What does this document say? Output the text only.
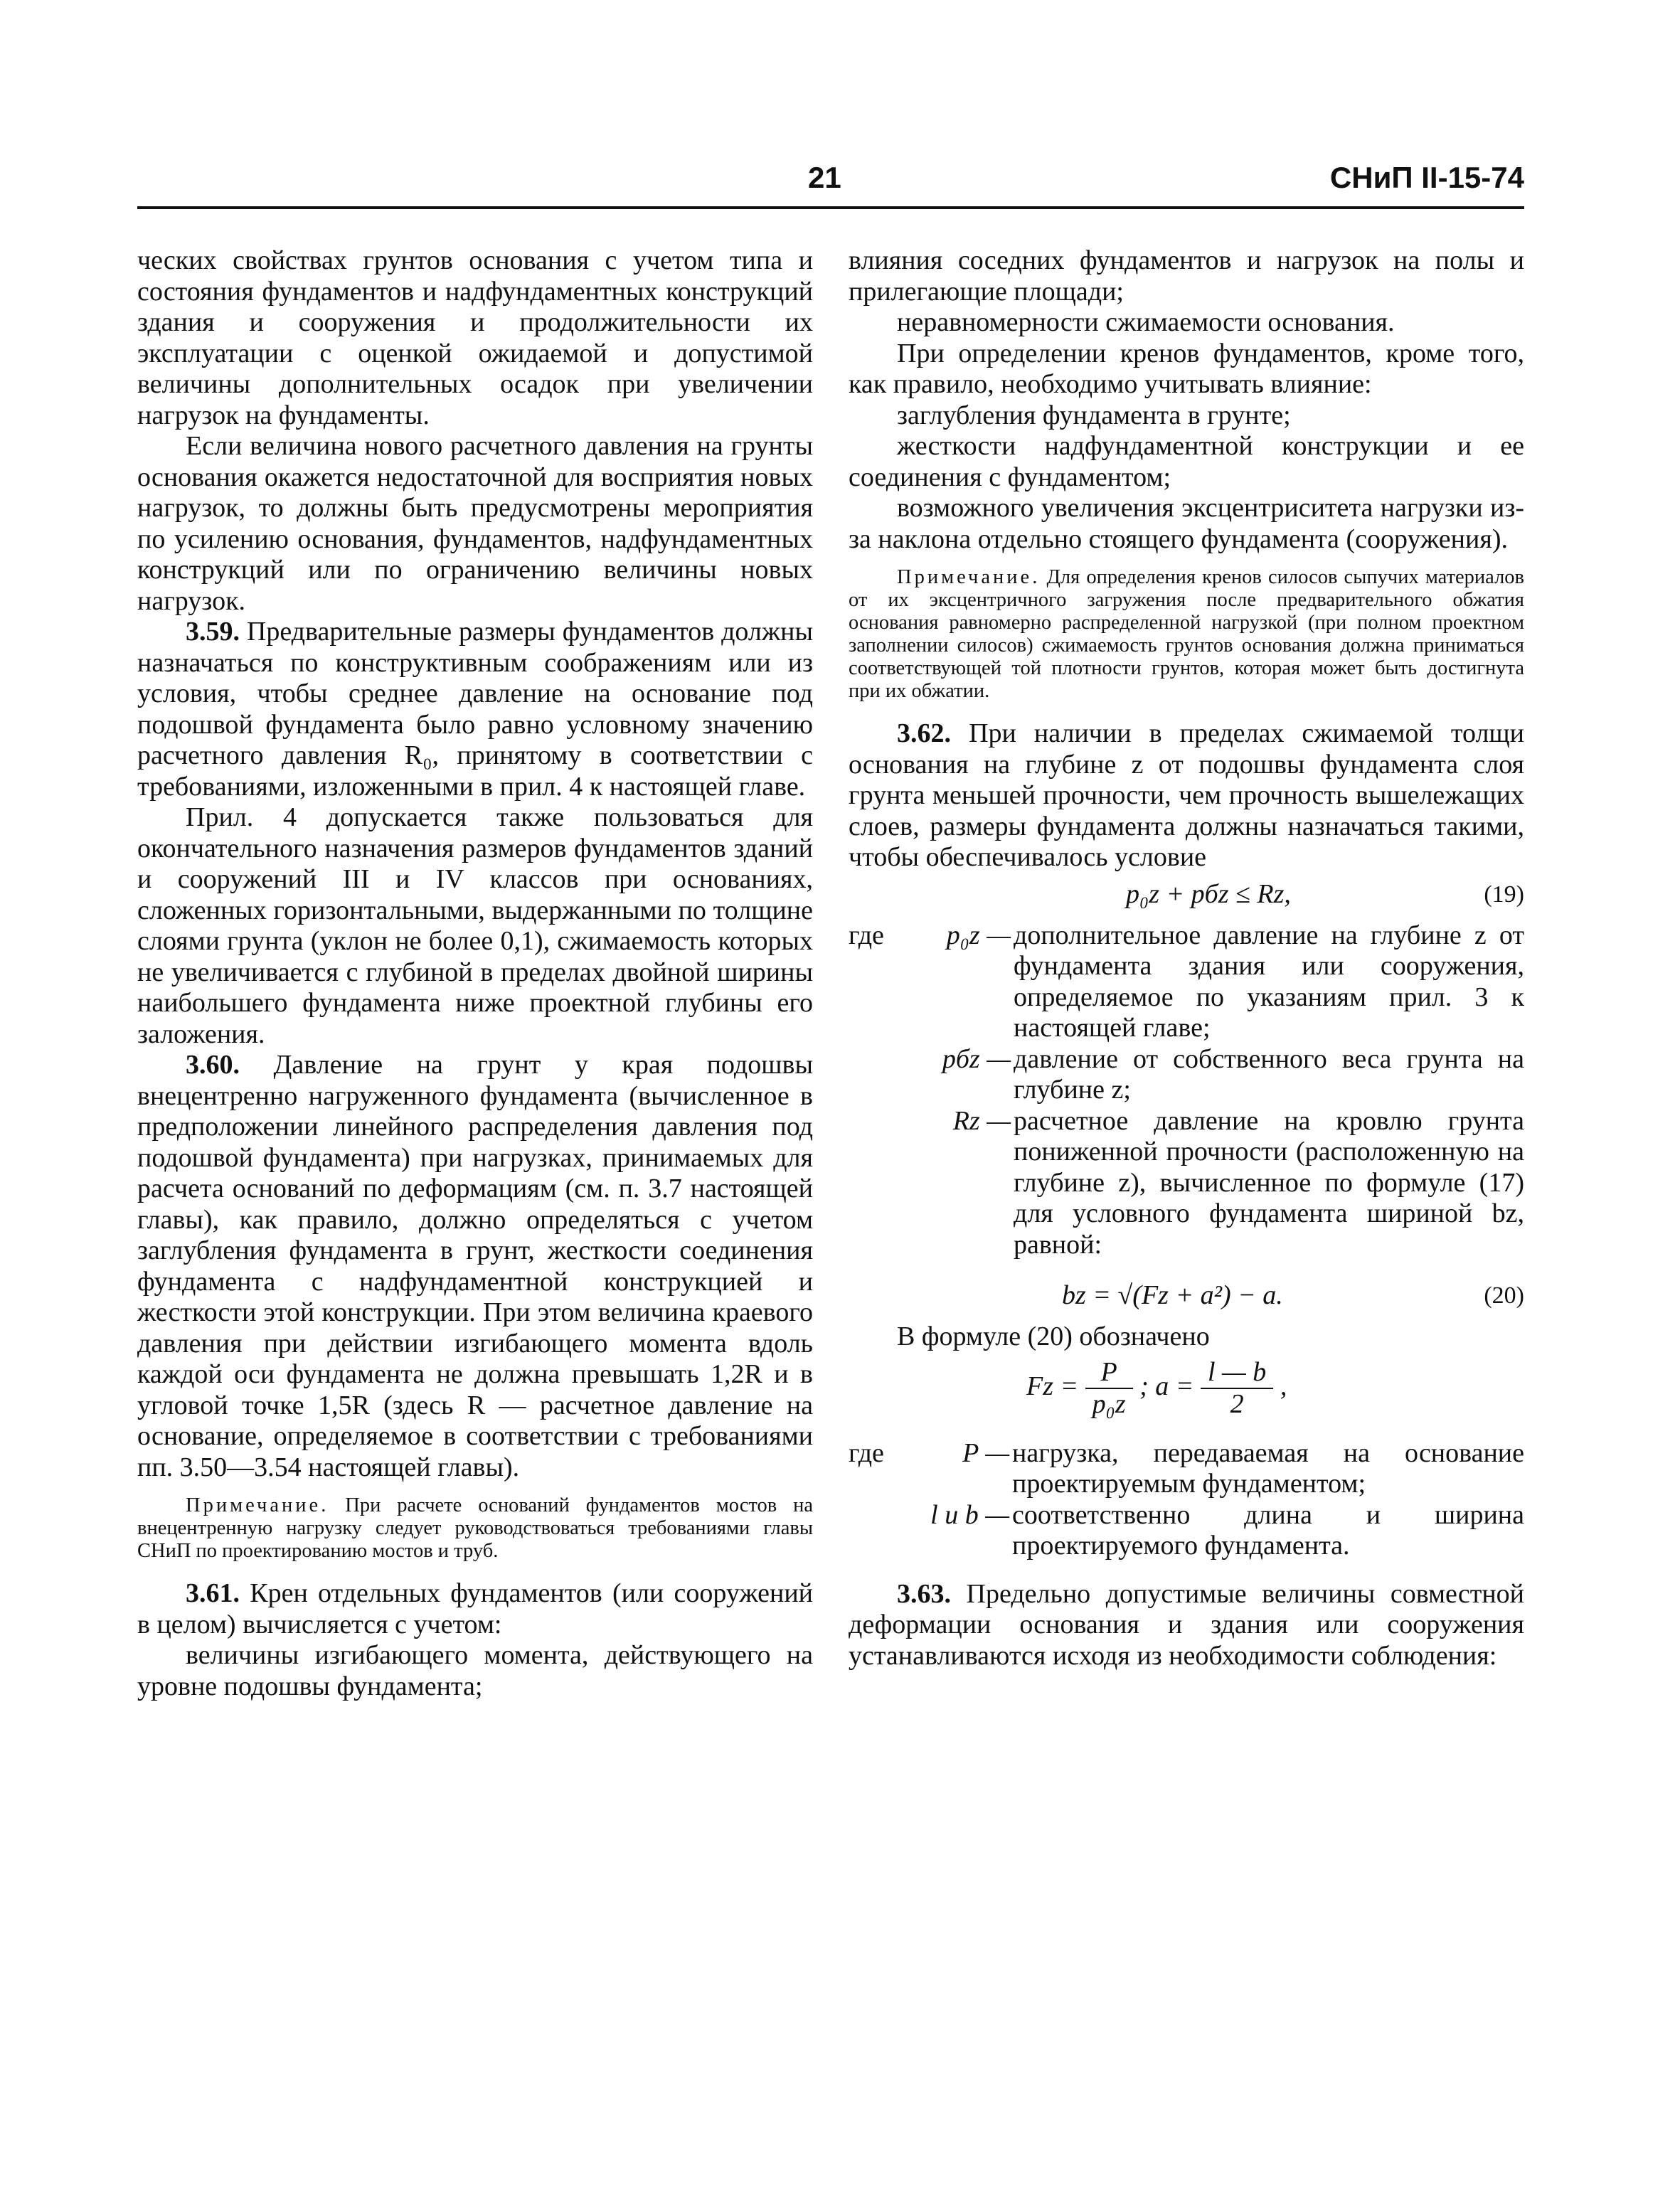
21	СНиП II-15-74

ческих свойствах грунтов основания с учетом типа и состояния фундаментов и надфундаментных конструкций здания и сооружения и продолжительности их эксплуатации с оценкой ожидаемой и допустимой величины дополнительных осадок при увеличении нагрузок на фундаменты.

Если величина нового расчетного давления на грунты основания окажется недостаточной для восприятия новых нагрузок, то должны быть предусмотрены мероприятия по усилению основания, фундаментов, надфундаментных конструкций или по ограничению величины новых нагрузок.

3.59. Предварительные размеры фундаментов должны назначаться по конструктивным соображениям или из условия, чтобы среднее давление на основание под подошвой фундамента было равно условному значению расчетного давления R₀, принятому в соответствии с требованиями, изложенными в прил. 4 к настоящей главе.

Прил. 4 допускается также пользоваться для окончательного назначения размеров фундаментов зданий и сооружений III и IV классов при основаниях, сложенных горизонтальными, выдержанными по толщине слоями грунта (уклон не более 0,1), сжимаемость которых не увеличивается с глубиной в пределах двойной ширины наибольшего фундамента ниже проектной глубины его заложения.

3.60. Давление на грунт у края подошвы внецентренно нагруженного фундамента (вычисленное в предположении линейного распределения давления под подошвой фундамента) при нагрузках, принимаемых для расчета оснований по деформациям (см. п. 3.7 настоящей главы), как правило, должно определяться с учетом заглубления фундамента в грунт, жесткости соединения фундамента с надфундаментной конструкцией и жесткости этой конструкции. При этом величина краевого давления при действии изгибающего момента вдоль каждой оси фундамента не должна превышать 1,2R и в угловой точке 1,5R (здесь R — расчетное давление на основание, определяемое в соответствии с требованиями пп. 3.50—3.54 настоящей главы).

Примечание. При расчете оснований фундаментов мостов на внецентренную нагрузку следует руководствоваться требованиями главы СНиП по проектированию мостов и труб.

3.61. Крен отдельных фундаментов (или сооружений в целом) вычисляется с учетом:

величины изгибающего момента, действующего на уровне подошвы фундамента;

влияния соседних фундаментов и нагрузок на полы и прилегающие площади;

неравномерности сжимаемости основания.

При определении кренов фундаментов, кроме того, как правило, необходимо учитывать влияние:

заглубления фундамента в грунте;

жесткости надфундаментной конструкции и ее соединения с фундаментом;

возможного увеличения эксцентриситета нагрузки из-за наклона отдельно стоящего фундамента (сооружения).

Примечание. Для определения кренов силосов сыпучих материалов от их эксцентричного загружения после предварительного обжатия основания равномерно распределенной нагрузкой (при полном проектном заполнении силосов) сжимаемость грунтов основания должна приниматься соответствующей той плотности грунтов, которая может быть достигнута при их обжатии.

3.62. При наличии в пределах сжимаемой толщи основания на глубине z от подошвы фундамента слоя грунта меньшей прочности, чем прочность вышележащих слоев, размеры фундамента должны назначаться такими, чтобы обеспечивалось условие

p₀z + pбz ≤ Rz,	(19)
где	p₀z — дополнительное давление на глубине z от фундамента здания или сооружения, определяемое по указаниям прил. 3 к настоящей главе;
pбz — давление от собственного веса грунта на глубине z;
Rz — расчетное давление на кровлю грунта пониженной прочности (расположенную на глубине z), вычисленное по формуле (17) для условного фундамента шириной bz, равной:
bz = √(Fz + a²) − a.	(20)

В формуле (20) обозначено

$Fz = \frac{P}{\text{p₀z}}$ ; $a = \frac{l — b}{2}$ ,
где	P — нагрузка, передаваемая на основание проектируемым фундаментом;
l и b — соответственно длина и ширина проектируемого фундамента.

3.63. Предельно допустимые величины совместной деформации основания и здания или сооружения устанавливаются исходя из необходимости соблюдения:
